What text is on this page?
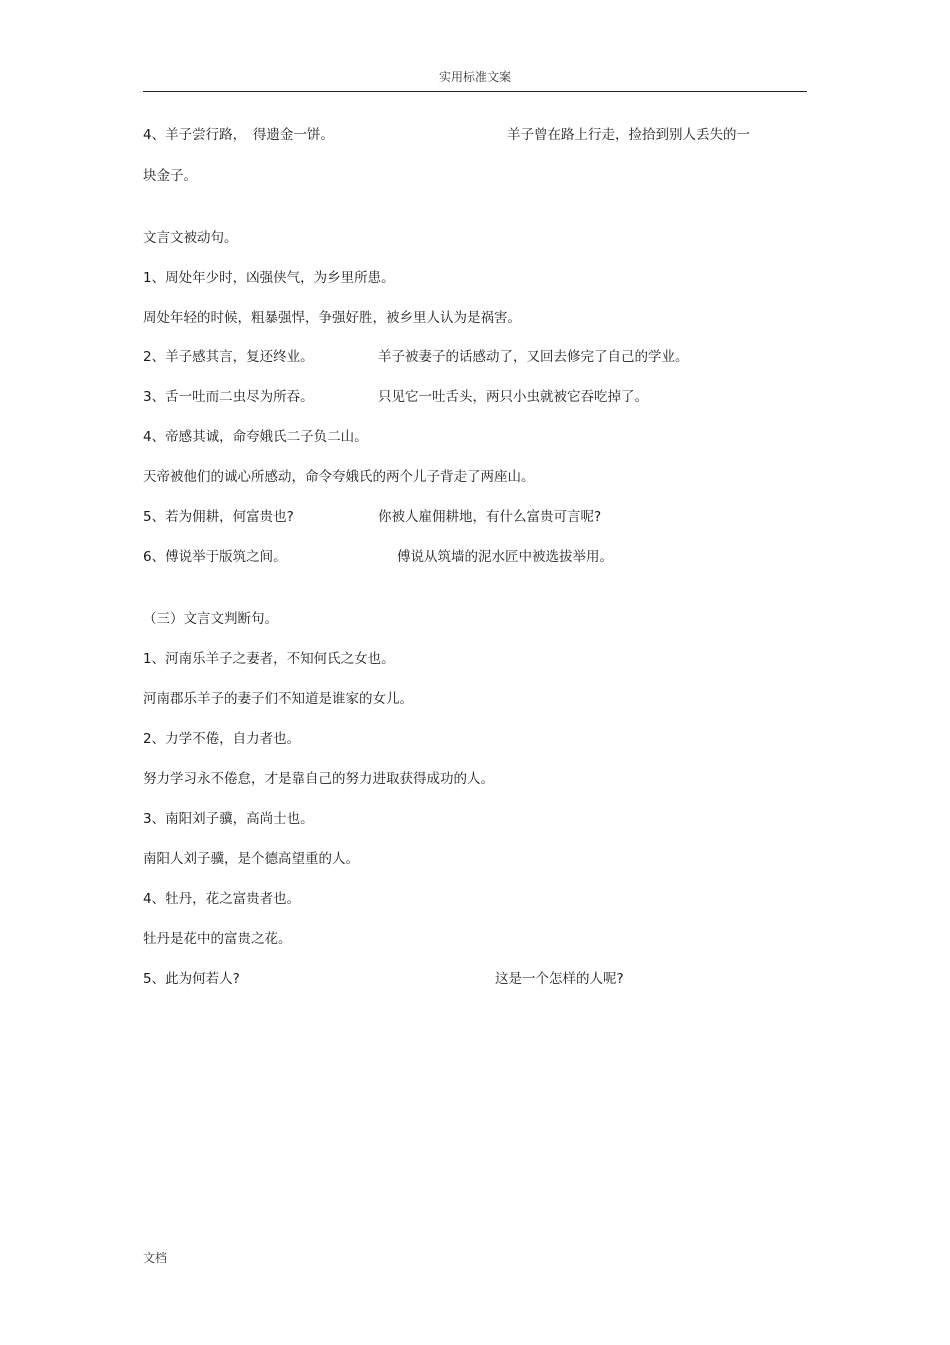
实用标准文案
4、羊子尝行路，　得遗金一饼。	羊子曾在路上行走，捡拾到别人丢失的一
块金子。
文言文被动句。
1、周处年少时，凶强侠气，为乡里所患。
周处年轻的时候，粗暴强悍，争强好胜，被乡里人认为是祸害。
2、羊子感其言，复还终业。	羊子被妻子的话感动了，又回去修完了自己的学业。
3、舌一吐而二虫尽为所吞。	只见它一吐舌头，两只小虫就被它吞吃掉了。
4、帝感其诚，命夸娥氏二子负二山。
天帝被他们的诚心所感动，命令夸娥氏的两个儿子背走了两座山。
5、若为佣耕，何富贵也?	你被人雇佣耕地，有什么富贵可言呢?
6、傅说举于版筑之间。	傅说从筑墙的泥水匠中被选拔举用。
（三）文言文判断句。
1、河南乐羊子之妻者，不知何氏之女也。
河南郡乐羊子的妻子们不知道是谁家的女儿。
2、力学不倦，自力者也。
努力学习永不倦怠，才是靠自己的努力进取获得成功的人。
3、南阳刘子骥，高尚士也。
南阳人刘子骥，是个德高望重的人。
4、牡丹，花之富贵者也。
牡丹是花中的富贵之花。
5、此为何若人?	这是一个怎样的人呢?
文档
